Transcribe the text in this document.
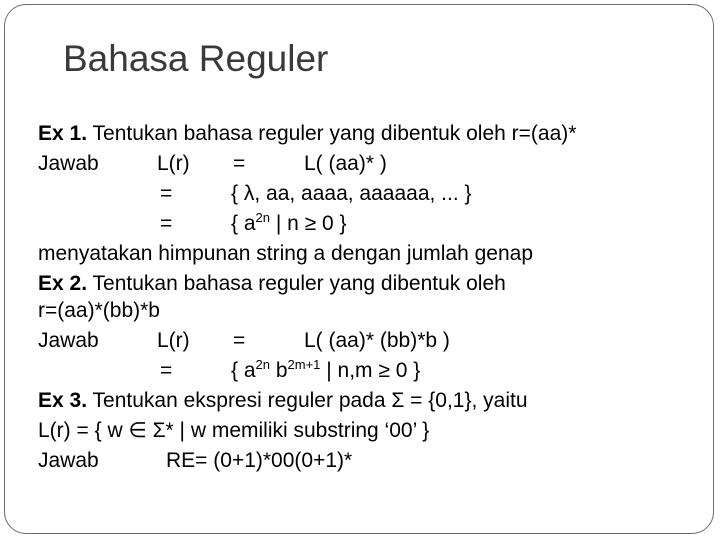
Bahasa Reguler
Ex 1. Tentukan bahasa reguler yang dibentuk oleh r=(aa)*
Jawab	L(r) =	L( (aa)* )
=	{ λ, aa, aaaa, aaaaaa, ... }
=	{ $a^{2n}$ | n ≥ 0 }
menyatakan himpunan string a dengan jumlah genap
Ex 2. Tentukan bahasa reguler yang dibentuk oleh
r=(aa)*(bb)*b
Jawab	L(r) =	L( (aa)* (bb)*b )
=	{ $a^{2n}$ $b^{2m+1}$ | n,m ≥ 0 }
Ex 3. Tentukan ekspresi reguler pada Σ = {0,1}, yaitu
L(r) = { w ∈ Σ* | w memiliki substring ‘00’ }
Jawab	RE= (0+1)*00(0+1)*
